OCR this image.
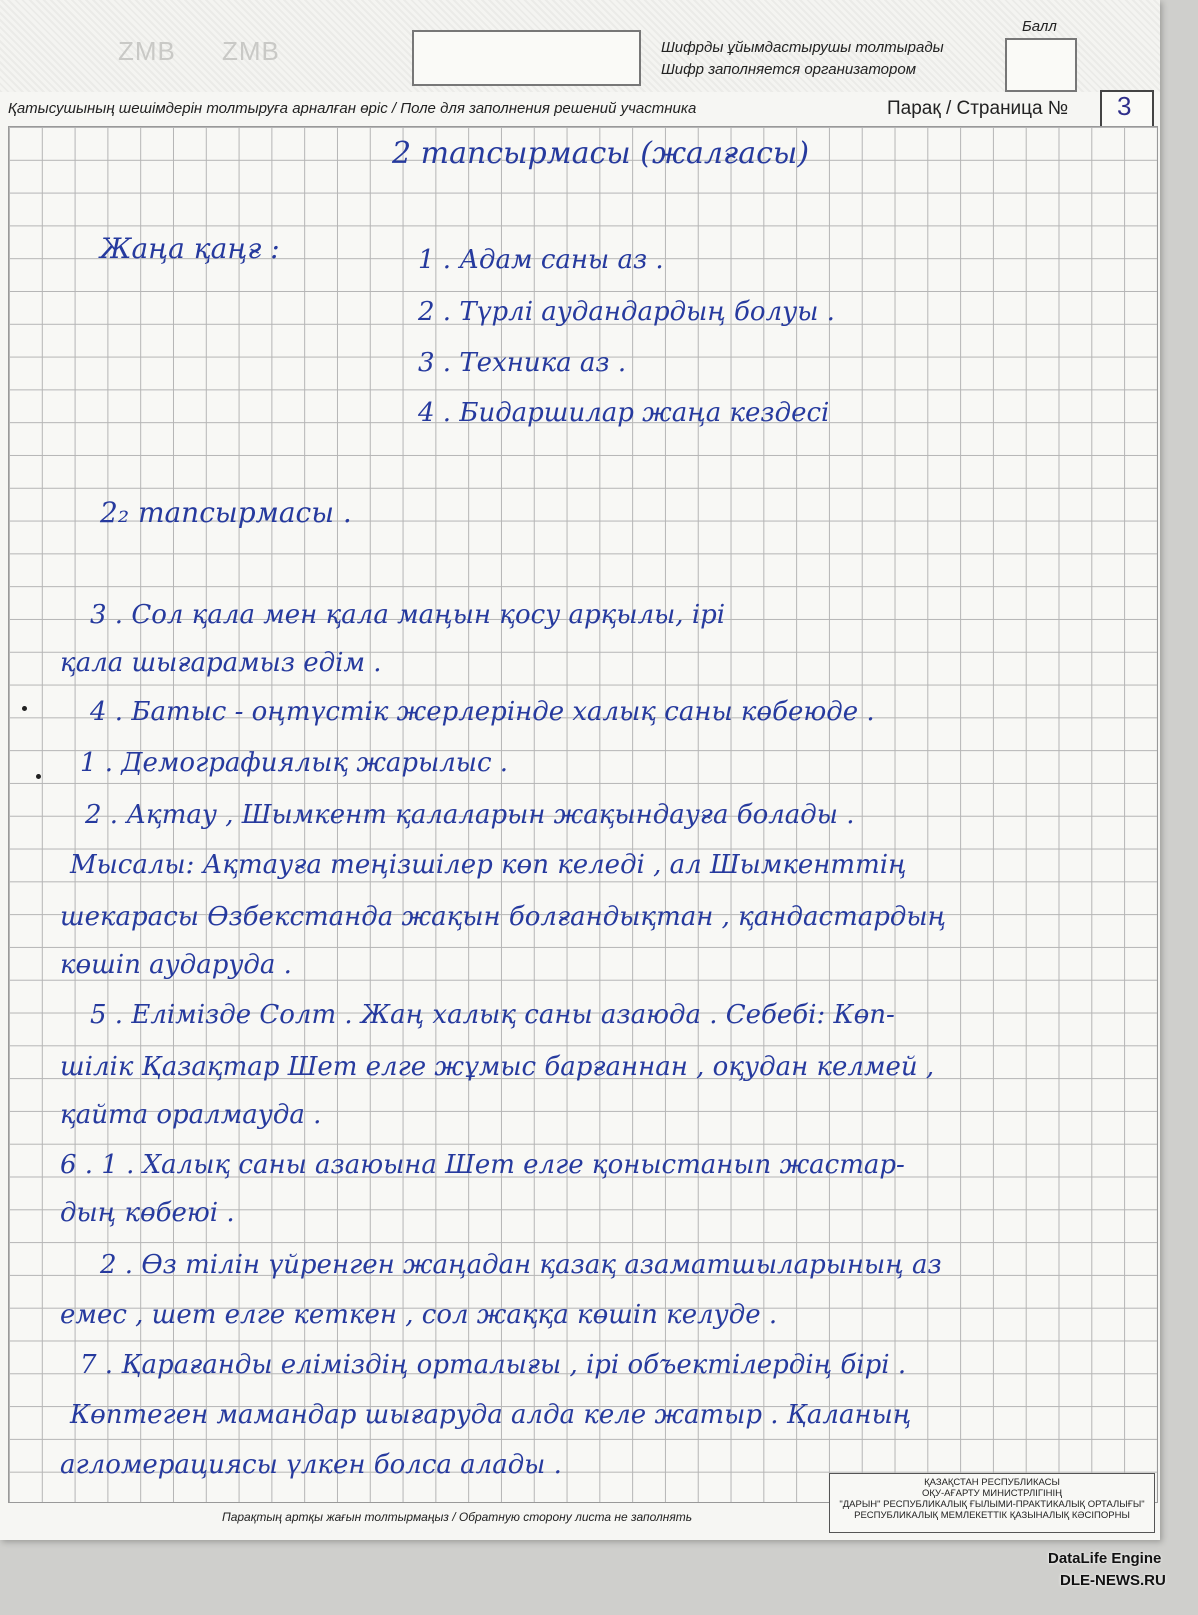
ZMB ZMB	Шифрды ұйымдастырушы толтырады
Шифр заполняется организатором
Балл
Қатысушының шешімдерін толтыруға арналған өріс / Поле для заполнения решений участника	Парақ / Страница № 3
2 тапсырмасы (жалғасы)
Жаңа қаңғ :	1 . Адам саны аз .
2 . Түрлі аудандардың болуы .
3 . Техника аз .
4 . Бидаршилар жаңа кездесі
2₂ тапсырмасы .
3 . Сол қала мен қала маңын қосу арқылы, ірі
қала шығарамыз едім .
4 . Батыс - оңтүстік жерлерінде халық саны көбеюде .
1 . Демографиялық жарылыс .
2 . Ақтау , Шымкент қалаларын жақындауға болады .
Мысалы: Ақтауға теңізшілер көп келеді , ал Шымкенттің
шекарасы Өзбекстанда жақын болғандықтан , қандастардың
көшіп аударуда .
5 . Елімізде Солт . Жаң халық саны азаюда . Себебі: Көп-
шілік Қазақтар Шет елге жұмыс барғаннан , оқудан келмей ,
қайта оралмауда .
6 . 1 . Халық саны азаюына Шет елге қоныстанып жастар-
дың көбеюі .
2 . Өз тілін үйренген жаңадан қазақ азаматшыларының аз
емес , шет елге кеткен , сол жаққа көшіп келуде .
7 . Қарағанды еліміздің орталығы , ірі объектілердің бірі .
Көптеген мамандар шығаруда алда келе жатыр . Қаланың
агломерациясы үлкен болса алады .
ҚАЗАҚСТАН РЕСПУБЛИКАСЫ
ОҚУ-АҒАРТУ МИНИСТРЛІГІНІҢ
"ДАРЫН" РЕСПУБЛИКАЛЫҚ ҒЫЛЫМИ-ПРАКТИКАЛЫҚ ОРТАЛЫҒЫ"
РЕСПУБЛИКАЛЫҚ МЕМЛЕКЕТТІК ҚАЗЫНАЛЫҚ КӘСІПОРНЫ
Парақтың артқы жағын толтырмаңыз / Обратную сторону листа не заполнять
DataLife Engine
DLE-NEWS.RU
